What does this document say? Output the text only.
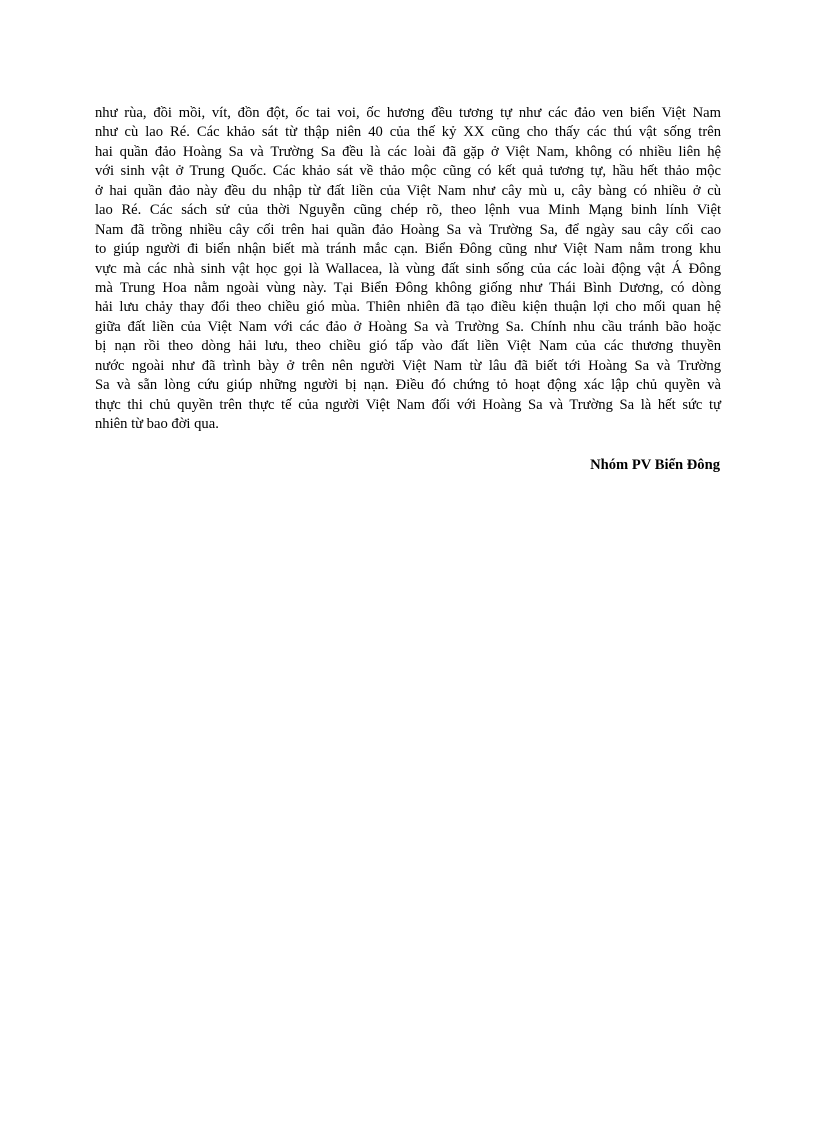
như rùa, đồi mồi, vít, đồn đột, ốc tai voi, ốc hương đều tương tự như các đảo ven biển Việt Nam
như cù lao Ré. Các khảo sát từ thập niên 40 của thế kỷ XX cũng cho thấy các thú vật sống trên
hai quần đảo Hoàng Sa và Trường Sa đều là các loài đã gặp ở Việt Nam, không có nhiều liên hệ
với sinh vật ở Trung Quốc. Các khảo sát về thảo mộc cũng có kết quả tương tự, hầu hết thảo mộc
ở hai quần đảo này đều du nhập từ đất liền của Việt Nam như cây mù u, cây bàng có nhiều ở cù
lao Ré. Các sách sử của thời Nguyễn cũng chép rõ, theo lệnh vua Minh Mạng binh lính Việt
Nam đã trồng nhiều cây cối trên hai quần đảo Hoàng Sa và Trường Sa, để ngày sau cây cối cao
to giúp người đi biển nhận biết mà tránh mắc cạn. Biển Đông cũng như Việt Nam nằm trong khu
vực mà các nhà sinh vật học gọi là Wallacea, là vùng đất sinh sống của các loài động vật Á Đông
mà Trung Hoa nằm ngoài vùng này. Tại Biển Đông không giống như Thái Bình Dương, có dòng
hải lưu chảy thay đổi theo chiều gió mùa. Thiên nhiên đã tạo điều kiện thuận lợi cho mối quan hệ
giữa đất liền của Việt Nam với các đảo ở Hoàng Sa và Trường Sa. Chính nhu cầu tránh bão hoặc
bị nạn rồi theo dòng hải lưu, theo chiều gió tấp vào đất liền Việt Nam của các thương thuyền
nước ngoài như đã trình bày ở trên nên người Việt Nam từ lâu đã biết tới Hoàng Sa và Trường
Sa và sẵn lòng cứu giúp những người bị nạn. Điều đó chứng tỏ hoạt động xác lập chủ quyền và
thực thi chủ quyền trên thực tế của người Việt Nam đối với Hoàng Sa và Trường Sa là hết sức tự
nhiên từ bao đời qua.
Nhóm PV Biển Đông
